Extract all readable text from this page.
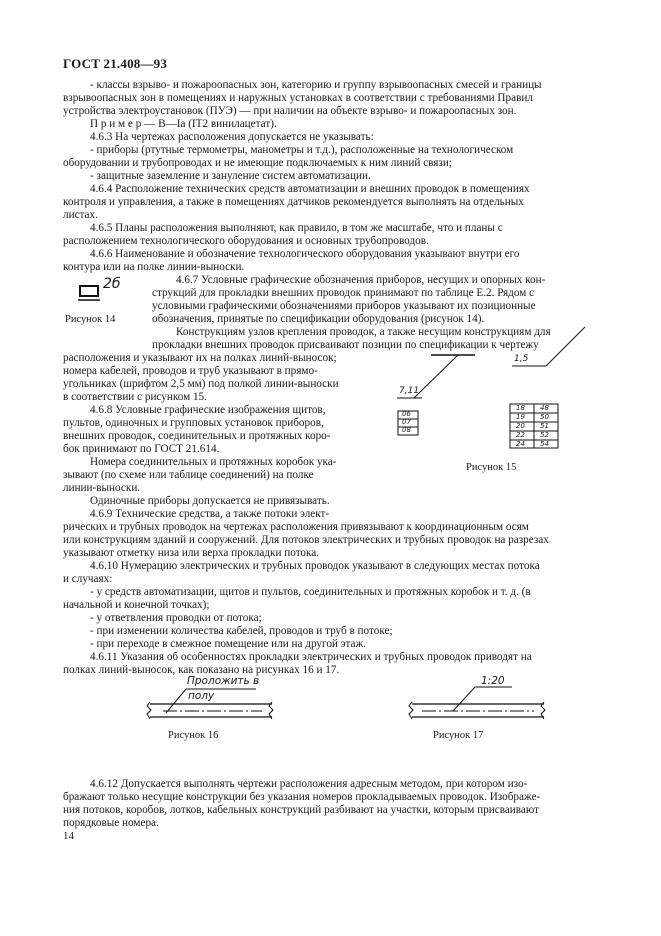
ГОСТ 21.408—93
- классы взрыво- и пожароопасных зон, категорию и группу взрывоопасных смесей и границы
взрывоопасных зон в помещениях и наружных установках в соответствии с требованиями Правил
устройства электроустановок (ПУЭ) — при наличии на объекте взрыво- и пожароопасных зон.
П р и м е р — В—Iа (IT2 винилацетат).
4.6.3 На чертежах расположения допускается не указывать:
- приборы (ртутные термометры, манометры и т.д.), расположенные на технологическом
оборудовании и трубопроводах и не имеющие подключаемых к ним линий связи;
- защитные заземление и зануление систем автоматизации.
4.6.4 Расположение технических средств автоматизации и внешних проводок в помещениях
контроля и управления, а также в помещениях датчиков рекомендуется выполнять на отдельных
листах.
4.6.5 Планы расположения выполняют, как правило, в том же масштабе, что и планы с
расположением технологического оборудования и основных трубопроводов.
4.6.6 Наименование и обозначение технологического оборудования указывают внутри его
контура или на полке линии-выноски.
4.6.7 Условные графические обозначения приборов, несущих и опорных кон-
струкций для прокладки внешних проводок принимают по таблице Е.2. Рядом с
условными графическими обозначениями приборов указывают их позиционные
обозначения, принятые по спецификации оборудования (рисунок 14).
Конструкциям узлов крепления проводок, а также несущим конструкциям для
прокладки внешних проводок присваивают позиции по спецификации к чертежу
расположения и указывают их на полках линий-выносок;
номера кабелей, проводов и труб указывают в прямо-
угольниках (шрифтом 2,5 мм) под полкой линии-выноски
в соответствии с рисунком 15.
4.6.8 Условные графические изображения щитов,
пультов, одиночных и групповых установок приборов,
внешних проводок, соединительных и протяжных коро-
бок принимают по ГОСТ 21.614.
Номера соединительных и протяжных коробок ука-
зывают (по схеме или таблице соединений) на полке
линии-выноски.
Одиночные приборы допускается не привязывать.
4.6.9 Технические средства, а также потоки элект-
рических и трубных проводок на чертежах расположения привязывают к координационным осям
или конструкциям зданий и сооружений. Для потоков электрических и трубных проводок на разрезах
указывают отметку низа или верха прокладки потока.
4.6.10 Нумерацию электрических и трубных проводок указывают в следующих местах потока
и случаях:
- у средств автоматизации, щитов и пультов, соединительных и протяжных коробок и т. д. (в
начальной и конечной точках);
- у ответвления проводки от потока;
- при изменении количества кабелей, проводов и труб в потоке;
- при переходе в смежное помещение или на другой этаж.
4.6.11 Указания об особенностях прокладки электрических и трубных проводок приводят на
полках линий-выносок, как показано на рисунках 16 и 17.
4.6.12 Допускается выполнять чертежи расположения адресным методом, при котором изо-
бражают только несущие конструкции без указания номеров прокладываемых проводок. Изображе-
ния потоков, коробов, лотков, кабельных конструкций разбивают на участки, которым присваивают
порядковые номера.
2б
Рисунок 14
7,11
06
07
08
1,5
18 48
19 50
20 51
22 52
24 54
Рисунок 15
Проложить в
полу
Рисунок 16
1:20
Рисунок 17
14
